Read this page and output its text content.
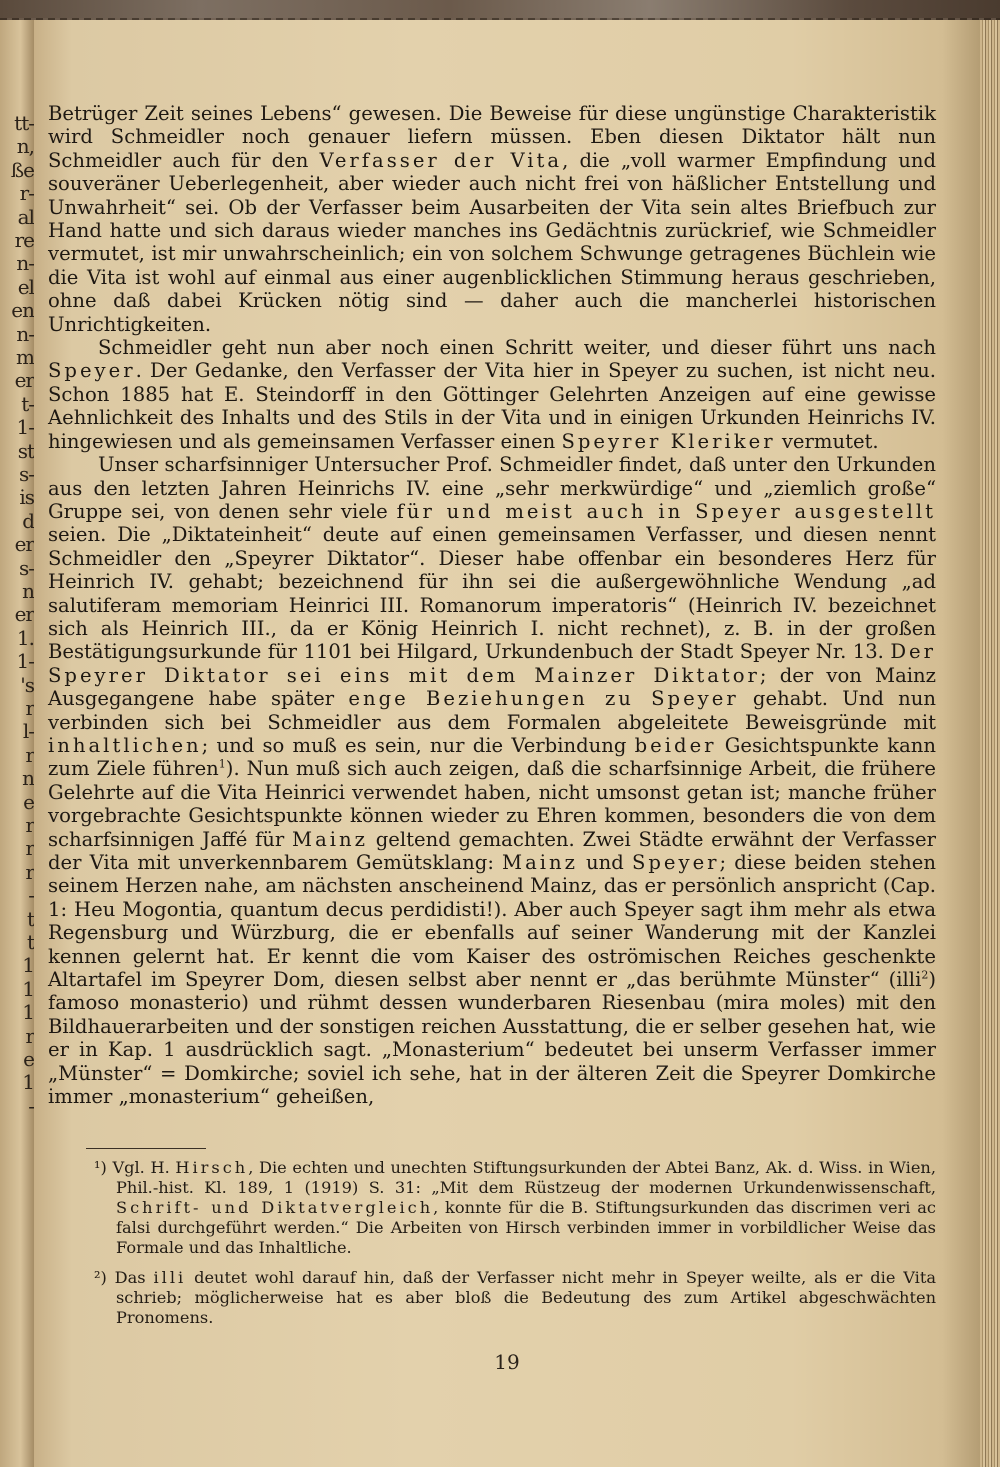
tt-
n,
ße
r-
al
re
n-
el
en
n-
m
er
t-
1-
st
s-
is
d
er
s-
n
er
1.
1-
's
r
l-
r
n
e
r
r
r
-
t
t
1
1
1
r
e
1
-

Betrüger Zeit seines Lebens“ gewesen. Die Beweise für diese ungünstige Charakteristik wird Schmeidler noch genauer liefern müssen. Eben diesen Diktator hält nun Schmeidler auch für den Verfasser der Vita, die „voll warmer Empfindung und souveräner Ueberlegenheit, aber wieder auch nicht frei von häßlicher Entstellung und Unwahrheit“ sei. Ob der Verfasser beim Ausarbeiten der Vita sein altes Briefbuch zur Hand hatte und sich daraus wieder manches ins Gedächtnis zurückrief, wie Schmeidler vermutet, ist mir unwahrscheinlich; ein von solchem Schwunge getragenes Büchlein wie die Vita ist wohl auf einmal aus einer augenblicklichen Stimmung heraus geschrieben, ohne daß dabei Krücken nötig sind — daher auch die mancherlei historischen Unrichtigkeiten.

Schmeidler geht nun aber noch einen Schritt weiter, und dieser führt uns nach Speyer. Der Gedanke, den Verfasser der Vita hier in Speyer zu suchen, ist nicht neu. Schon 1885 hat E. Steindorff in den Göttinger Gelehrten Anzeigen auf eine gewisse Aehnlichkeit des Inhalts und des Stils in der Vita und in einigen Urkunden Heinrichs IV. hingewiesen und als gemeinsamen Verfasser einen Speyrer Kleriker vermutet.

Unser scharfsinniger Untersucher Prof. Schmeidler findet, daß unter den Urkunden aus den letzten Jahren Heinrichs IV. eine „sehr merkwürdige“ und „ziemlich große“ Gruppe sei, von denen sehr viele für und meist auch in Speyer ausgestellt seien. Die „Diktateinheit“ deute auf einen gemeinsamen Verfasser, und diesen nennt Schmeidler den „Speyrer Diktator“. Dieser habe offenbar ein besonderes Herz für Heinrich IV. gehabt; bezeichnend für ihn sei die außergewöhnliche Wendung „ad salutiferam memoriam Heinrici III. Romanorum imperatoris“ (Heinrich IV. bezeichnet sich als Heinrich III., da er König Heinrich I. nicht rechnet), z. B. in der großen Bestätigungsurkunde für 1101 bei Hilgard, Urkundenbuch der Stadt Speyer Nr. 13. Der Speyrer Diktator sei eins mit dem Mainzer Diktator; der von Mainz Ausgegangene habe später enge Beziehungen zu Speyer gehabt. Und nun verbinden sich bei Schmeidler aus dem Formalen abgeleitete Beweisgründe mit inhaltlichen; und so muß es sein, nur die Verbindung beider Gesichtspunkte kann zum Ziele führen$^1$). Nun muß sich auch zeigen, daß die scharfsinnige Arbeit, die frühere Gelehrte auf die Vita Heinrici verwendet haben, nicht umsonst getan ist; manche früher vorgebrachte Gesichtspunkte können wieder zu Ehren kommen, besonders die von dem scharfsinnigen Jaffé für Mainz geltend gemachten. Zwei Städte erwähnt der Verfasser der Vita mit unverkennbarem Gemütsklang: Mainz und Speyer; diese beiden stehen seinem Herzen nahe, am nächsten anscheinend Mainz, das er persönlich anspricht (Cap. 1: Heu Mogontia, quantum decus perdidisti!). Aber auch Speyer sagt ihm mehr als etwa Regensburg und Würzburg, die er ebenfalls auf seiner Wanderung mit der Kanzlei kennen gelernt hat. Er kennt die vom Kaiser des oströmischen Reiches geschenkte Altartafel im Speyrer Dom, diesen selbst aber nennt er „das berühmte Münster“ (illi$^2$) famoso monasterio) und rühmt dessen wunderbaren Riesenbau (mira moles) mit den Bildhauerarbeiten und der sonstigen reichen Ausstattung, die er selber gesehen hat, wie er in Kap. 1 ausdrücklich sagt. „Monasterium“ bedeutet bei unserm Verfasser immer „Münster“ = Domkirche; soviel ich sehe, hat in der älteren Zeit die Speyrer Domkirche immer „monasterium“ geheißen,

¹) Vgl. H. Hirsch, Die echten und unechten Stiftungsurkunden der Abtei Banz, Ak. d. Wiss. in Wien, Phil.-hist. Kl. 189, 1 (1919) S. 31: „Mit dem Rüstzeug der modernen Urkundenwissenschaft, Schrift- und Diktatvergleich, konnte für die B. Stiftungsurkunden das discrimen veri ac falsi durchgeführt werden.“ Die Arbeiten von Hirsch verbinden immer in vorbildlicher Weise das Formale und das Inhaltliche.

²) Das illi deutet wohl darauf hin, daß der Verfasser nicht mehr in Speyer weilte, als er die Vita schrieb; möglicherweise hat es aber bloß die Bedeutung des zum Artikel abgeschwächten Pronomens.

19
